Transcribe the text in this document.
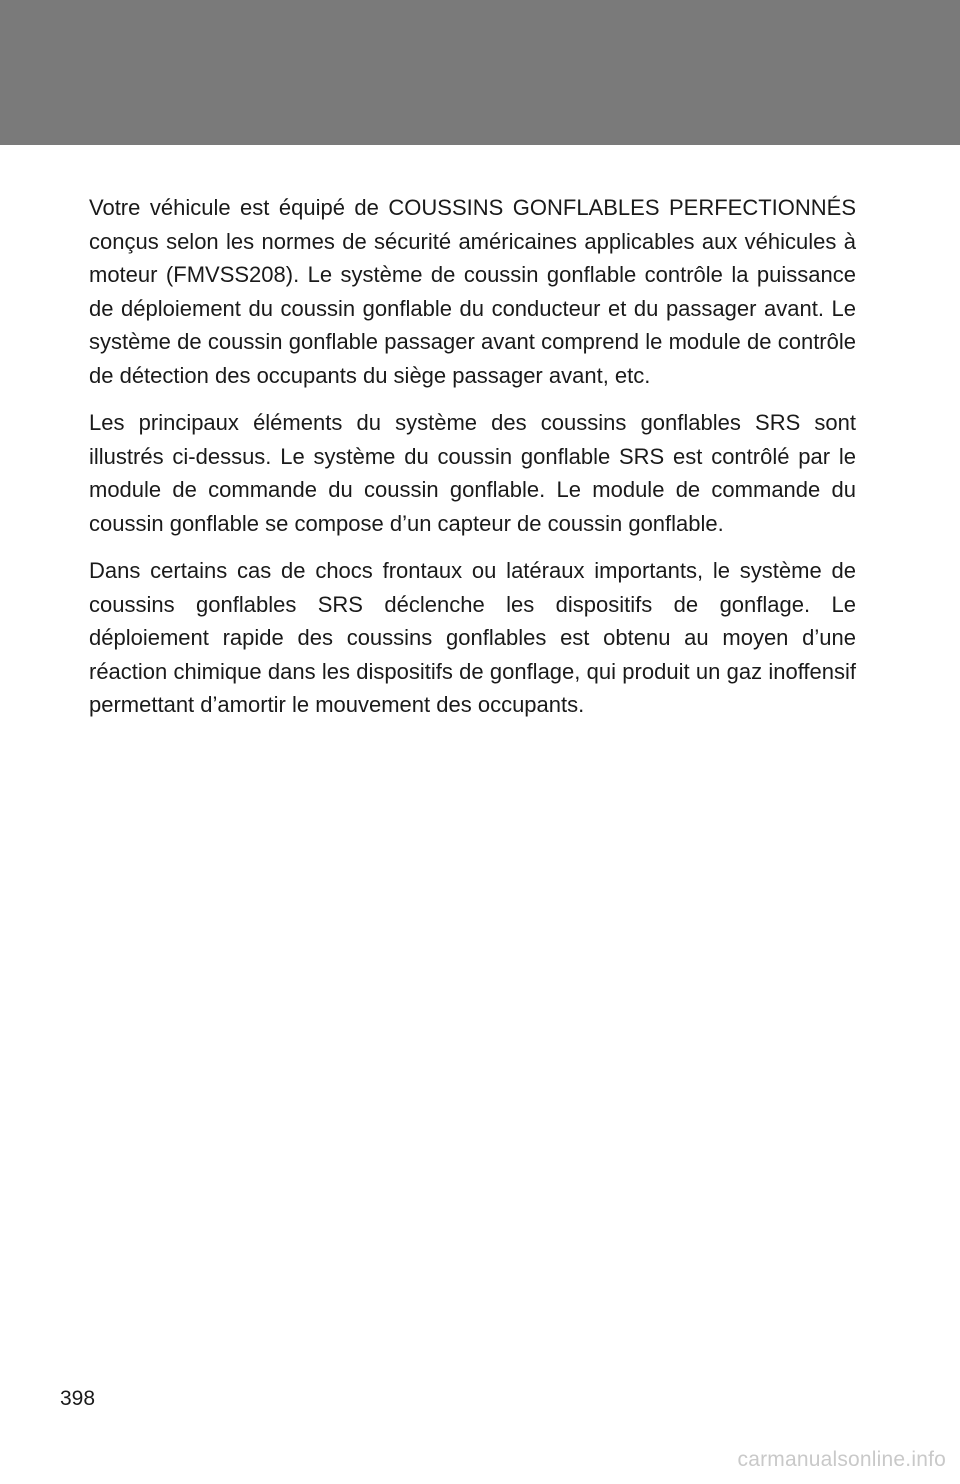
Votre véhicule est équipé de COUSSINS GONFLABLES PERFECTIONNÉS conçus selon les normes de sécurité américaines applicables aux véhicules à moteur (FMVSS208). Le système de coussin gonflable contrôle la puissance de déploiement du coussin gonflable du conducteur et du passager avant. Le système de coussin gonflable passager avant comprend le module de contrôle de détection des occupants du siège passager avant, etc.

Les principaux éléments du système des coussins gonflables SRS sont illustrés ci-dessus. Le système du coussin gonflable SRS est contrôlé par le module de commande du coussin gonflable. Le module de commande du coussin gonflable se compose d’un capteur de coussin gonflable.

Dans certains cas de chocs frontaux ou latéraux importants, le système de coussins gonflables SRS déclenche les dispositifs de gonflage. Le déploiement rapide des coussins gonflables est obtenu au moyen d’une réaction chimique dans les dispositifs de gonflage, qui produit un gaz inoffensif permettant d’amortir le mouvement des occupants.

398
carmanualsonline.info
